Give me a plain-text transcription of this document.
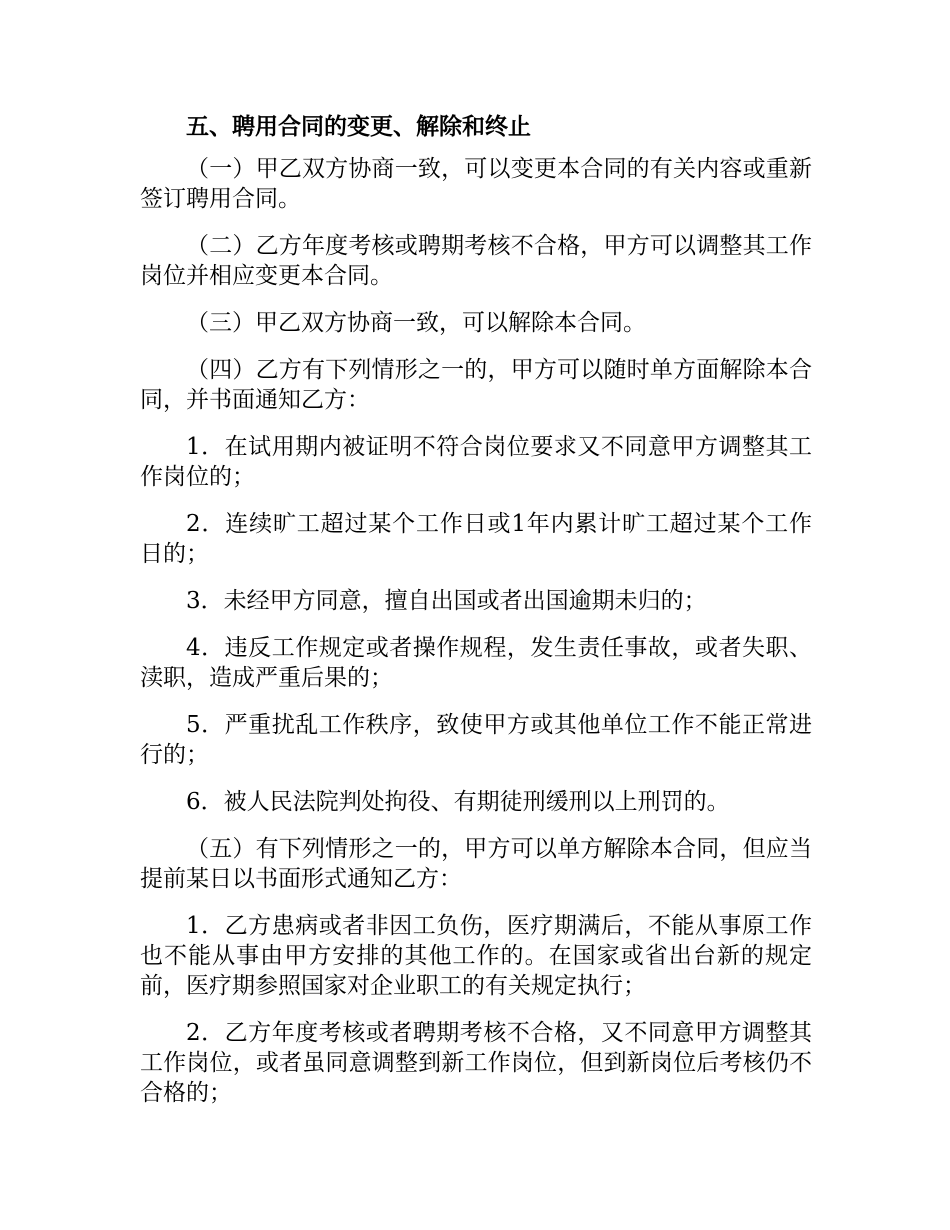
五、聘用合同的变更、解除和终止

（一）甲乙双方协商一致，可以变更本合同的有关内容或重新签订聘用合同。

（二）乙方年度考核或聘期考核不合格，甲方可以调整其工作岗位并相应变更本合同。

（三）甲乙双方协商一致，可以解除本合同。

（四）乙方有下列情形之一的，甲方可以随时单方面解除本合同，并书面通知乙方：

1．在试用期内被证明不符合岗位要求又不同意甲方调整其工作岗位的；

2．连续旷工超过某个工作日或1年内累计旷工超过某个工作日的；

3．未经甲方同意，擅自出国或者出国逾期未归的；

4．违反工作规定或者操作规程，发生责任事故，或者失职、渎职，造成严重后果的；

5．严重扰乱工作秩序，致使甲方或其他单位工作不能正常进行的；

6．被人民法院判处拘役、有期徒刑缓刑以上刑罚的。

（五）有下列情形之一的，甲方可以单方解除本合同，但应当提前某日以书面形式通知乙方：

1．乙方患病或者非因工负伤，医疗期满后，不能从事原工作也不能从事由甲方安排的其他工作的。在国家或省出台新的规定前，医疗期参照国家对企业职工的有关规定执行；

2．乙方年度考核或者聘期考核不合格，又不同意甲方调整其工作岗位，或者虽同意调整到新工作岗位，但到新岗位后考核仍不合格的；
